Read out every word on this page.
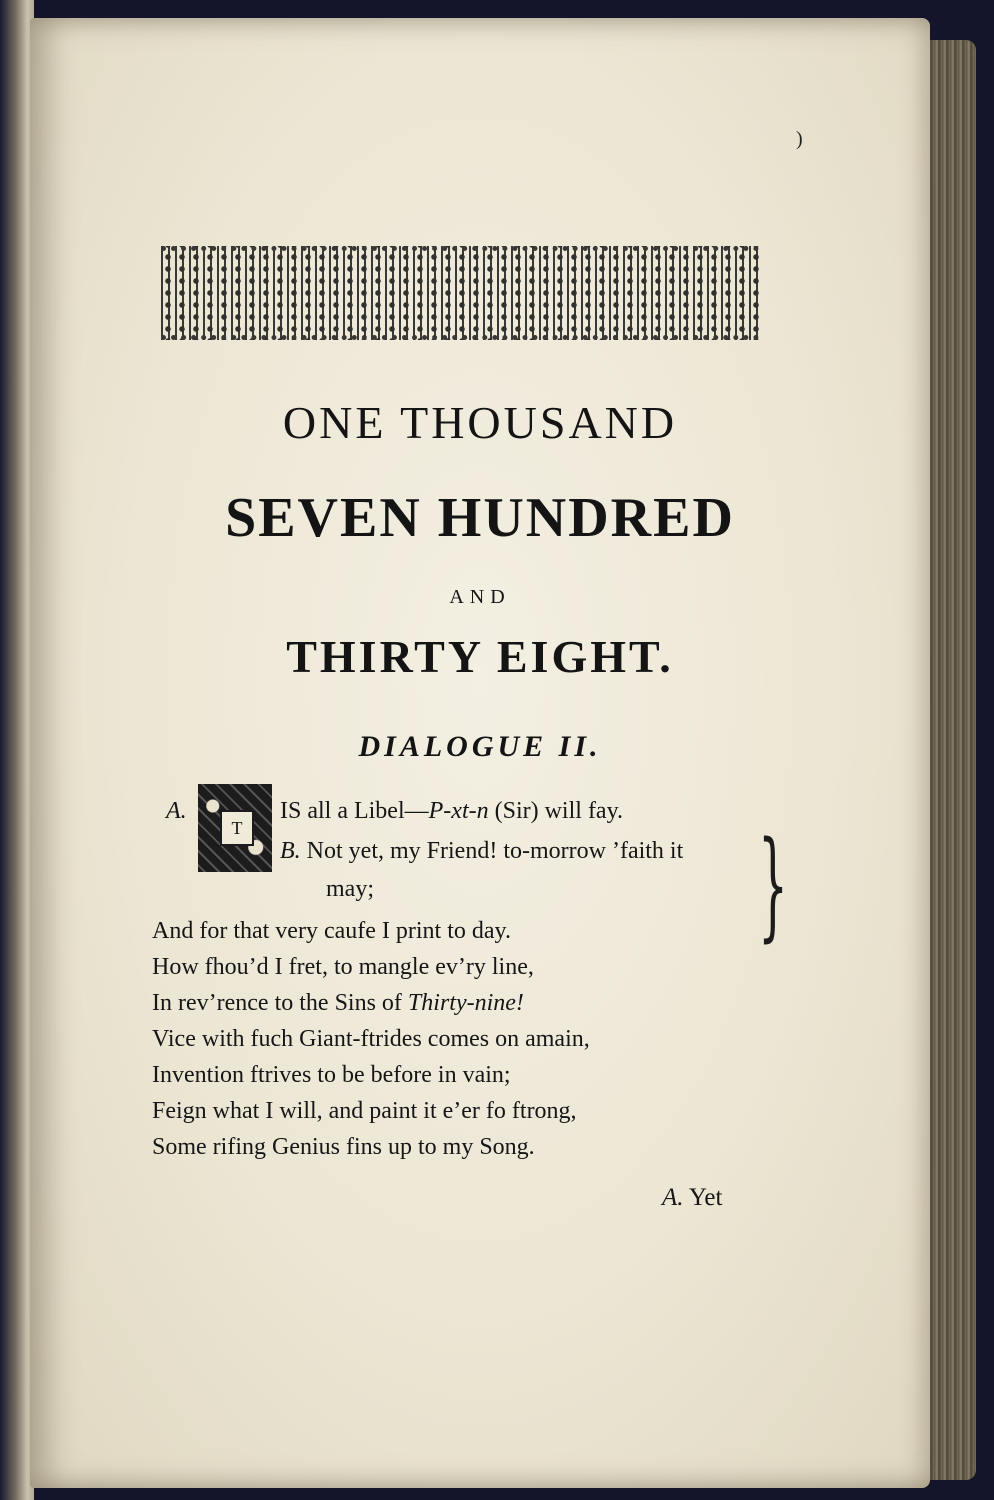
)
ONE THOUSAND
SEVEN HUNDRED
AND
THIRTY EIGHT.
DIALOGUE II.
T
A.	IS all a Libel—P-xt-n (Sir) will fay.
B. Not yet, my Friend! to-morrow ’faith it
may;	}
And for that very caufe I print to day.
How fhou’d I fret, to mangle ev’ry line,
In rev’rence to the Sins of Thirty-nine!
Vice with fuch Giant-ftrides comes on amain,
Invention ftrives to be before in vain;
Feign what I will, and paint it e’er fo ftrong,
Some rifing Genius fins up to my Song.
A. Yet
